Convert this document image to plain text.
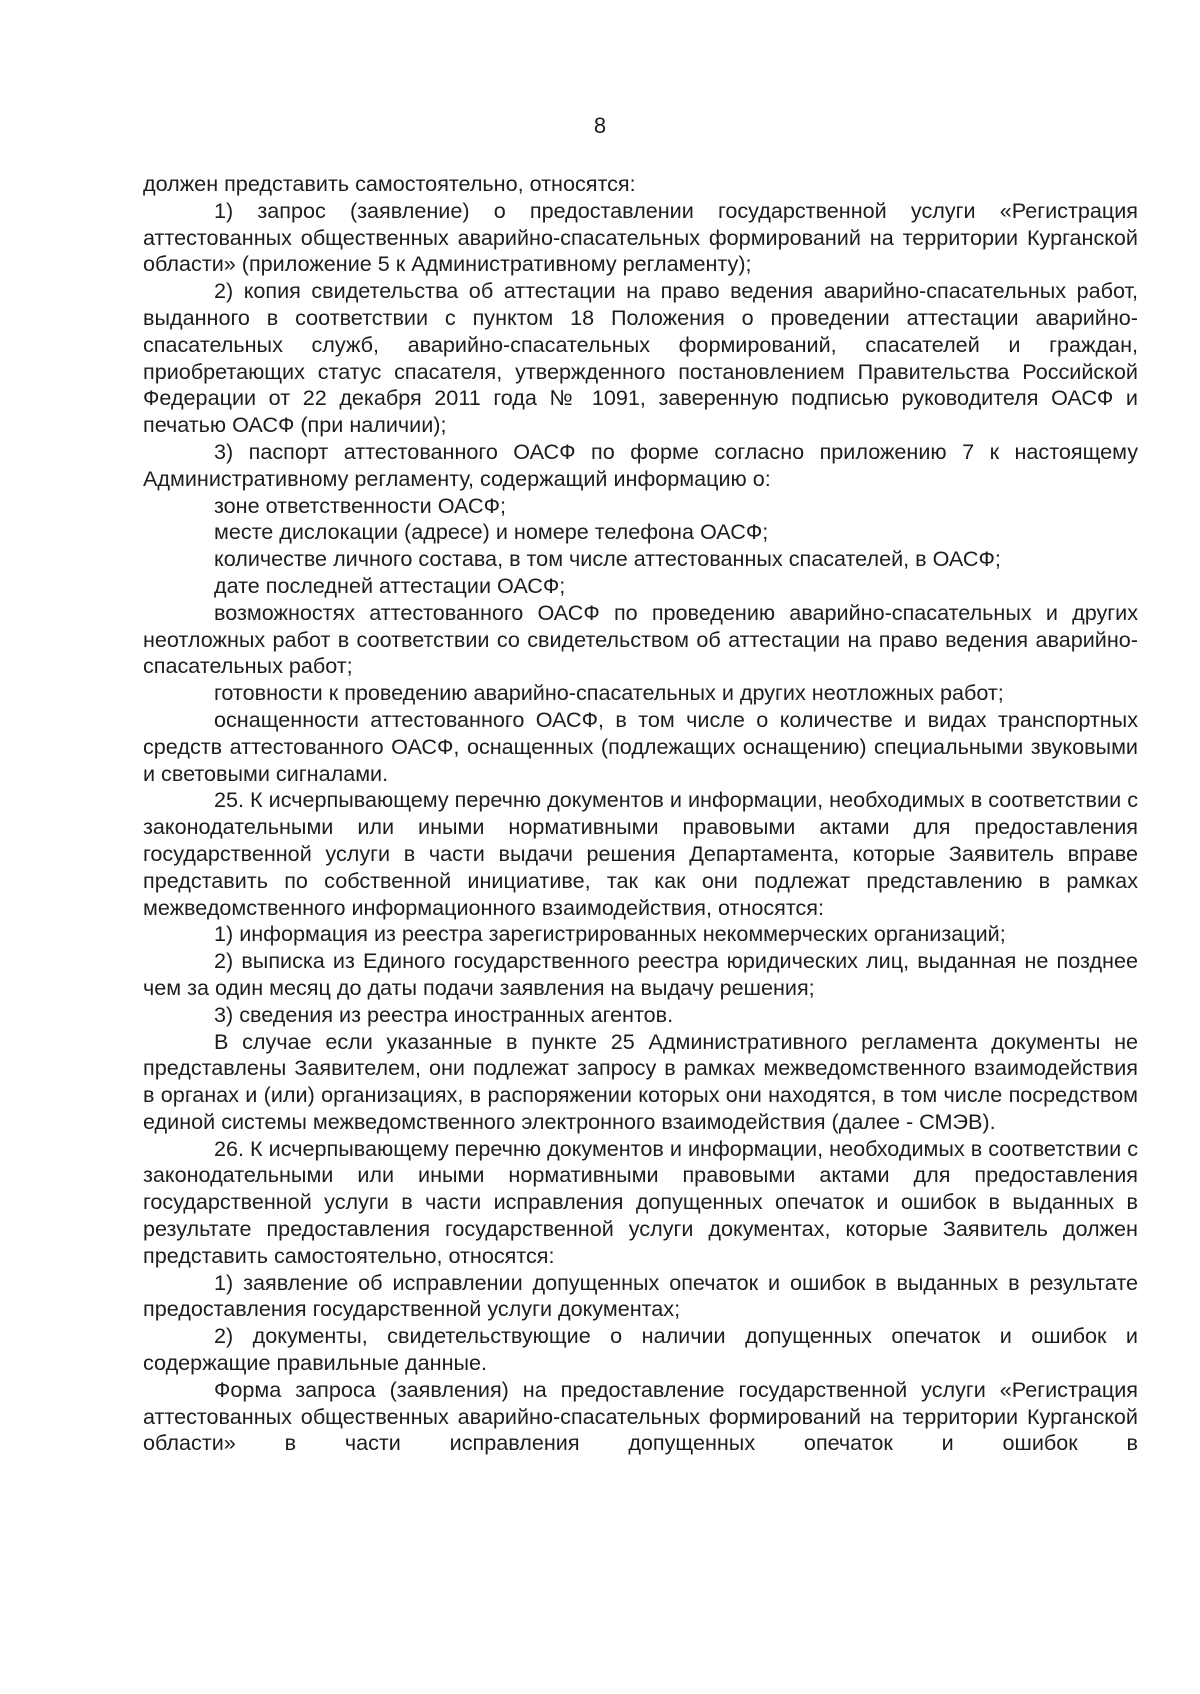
8

должен представить самостоятельно, относятся:

1) запрос (заявление) о предоставлении государственной услуги «Регистрация аттестованных общественных аварийно-спасательных формирований на территории Курганской области» (приложение 5 к Административному регламенту);

2) копия свидетельства об аттестации на право ведения аварийно-спасательных работ, выданного в соответствии с пунктом 18 Положения о проведении аттестации аварийно-спасательных служб, аварийно-спасательных формирований, спасателей и граждан, приобретающих статус спасателя, утвержденного постановлением Правительства Российской Федерации от 22 декабря 2011 года № 1091, заверенную подписью руководителя ОАСФ и печатью ОАСФ (при наличии);

3) паспорт аттестованного ОАСФ по форме согласно приложению 7 к настоящему Административному регламенту, содержащий информацию о:

зоне ответственности ОАСФ;

месте дислокации (адресе) и номере телефона ОАСФ;

количестве личного состава, в том числе аттестованных спасателей, в ОАСФ;

дате последней аттестации ОАСФ;

возможностях аттестованного ОАСФ по проведению аварийно-спасательных и других неотложных работ в соответствии со свидетельством об аттестации на право ведения аварийно-спасательных работ;

готовности к проведению аварийно-спасательных и других неотложных работ;

оснащенности аттестованного ОАСФ, в том числе о количестве и видах транспортных средств аттестованного ОАСФ, оснащенных (подлежащих оснащению) специальными звуковыми и световыми сигналами.

25. К исчерпывающему перечню документов и информации, необходимых в соответствии с законодательными или иными нормативными правовыми актами для предоставления государственной услуги в части выдачи решения Департамента, которые Заявитель вправе представить по собственной инициативе, так как они подлежат представлению в рамках межведомственного информационного взаимодействия, относятся:

1) информация из реестра зарегистрированных некоммерческих организаций;

2) выписка из Единого государственного реестра юридических лиц, выданная не позднее чем за один месяц до даты подачи заявления на выдачу решения;

3) сведения из реестра иностранных агентов.

В случае если указанные в пункте 25 Административного регламента документы не представлены Заявителем, они подлежат запросу в рамках межведомственного взаимодействия в органах и (или) организациях, в распоряжении которых они находятся, в том числе посредством единой системы межведомственного электронного взаимодействия (далее - СМЭВ).

26. К исчерпывающему перечню документов и информации, необходимых в соответствии с законодательными или иными нормативными правовыми актами для предоставления государственной услуги в части исправления допущенных опечаток и ошибок в выданных в результате предоставления государственной услуги документах, которые Заявитель должен представить самостоятельно, относятся:

1) заявление об исправлении допущенных опечаток и ошибок в выданных в результате предоставления государственной услуги документах;

2) документы, свидетельствующие о наличии допущенных опечаток и ошибок и содержащие правильные данные.

Форма запроса (заявления) на предоставление государственной услуги «Регистрация аттестованных общественных аварийно-спасательных формирований на территории Курганской области» в части исправления допущенных опечаток и ошибок в
